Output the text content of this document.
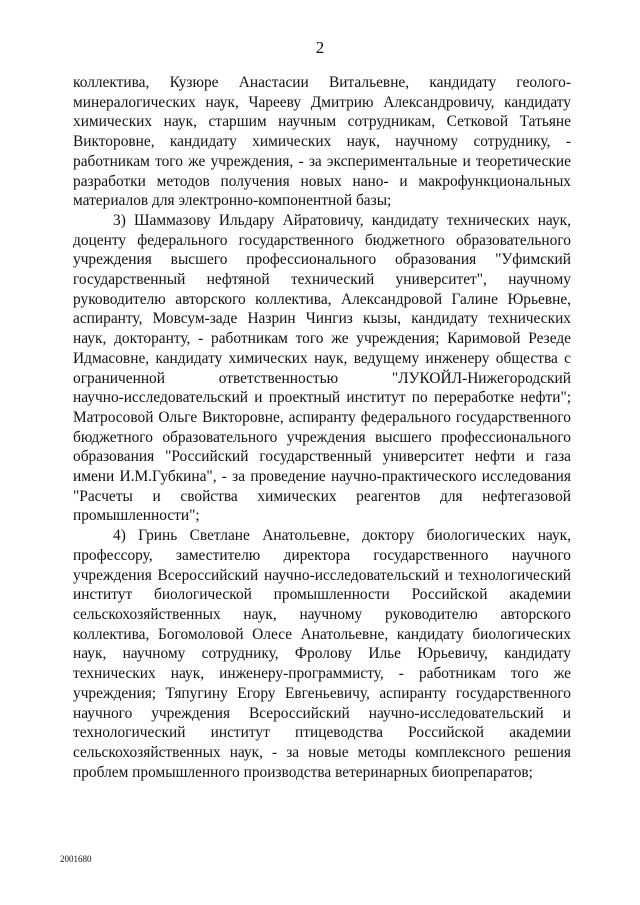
2
коллектива, Кузюре Анастасии Витальевне, кандидату геолого-
минералогических наук, Чарееву Дмитрию Александровичу, кандидату
химических наук, старшим научным сотрудникам, Сетковой Татьяне
Викторовне, кандидату химических наук, научному сотруднику, -
работникам того же учреждения, - за экспериментальные и теоретические
разработки методов получения новых нано- и макрофункциональных
материалов для электронно-компонентной базы;
3) Шаммазову Ильдару Айратовичу, кандидату технических наук,
доценту федерального государственного бюджетного образовательного
учреждения высшего профессионального образования "Уфимский
государственный нефтяной технический университет", научному
руководителю авторского коллектива, Александровой Галине Юрьевне,
аспиранту, Мовсум-заде Назрин Чингиз кызы, кандидату технических
наук, докторанту, - работникам того же учреждения; Каримовой Резеде
Идмасовне, кандидату химических наук, ведущему инженеру общества с
ограниченной ответственностью "ЛУКОЙЛ-Нижегородский
научно-исследовательский и проектный институт по переработке нефти";
Матросовой Ольге Викторовне, аспиранту федерального государственного
бюджетного образовательного учреждения высшего профессионального
образования "Российский государственный университет нефти и газа
имени И.М.Губкина", - за проведение научно-практического исследования
"Расчеты и свойства химических реагентов для нефтегазовой
промышленности";
4) Гринь Светлане Анатольевне, доктору биологических наук,
профессору, заместителю директора государственного научного
учреждения Всероссийский научно-исследовательский и технологический
институт биологической промышленности Российской академии
сельскохозяйственных наук, научному руководителю авторского
коллектива, Богомоловой Олесе Анатольевне, кандидату биологических
наук, научному сотруднику, Фролову Илье Юрьевичу, кандидату
технических наук, инженеру-программисту, - работникам того же
учреждения; Тяпугину Егору Евгеньевичу, аспиранту государственного
научного учреждения Всероссийский научно-исследовательский и
технологический институт птицеводства Российской академии
сельскохозяйственных наук, - за новые методы комплексного решения
проблем промышленного производства ветеринарных биопрепаратов;
2001680
